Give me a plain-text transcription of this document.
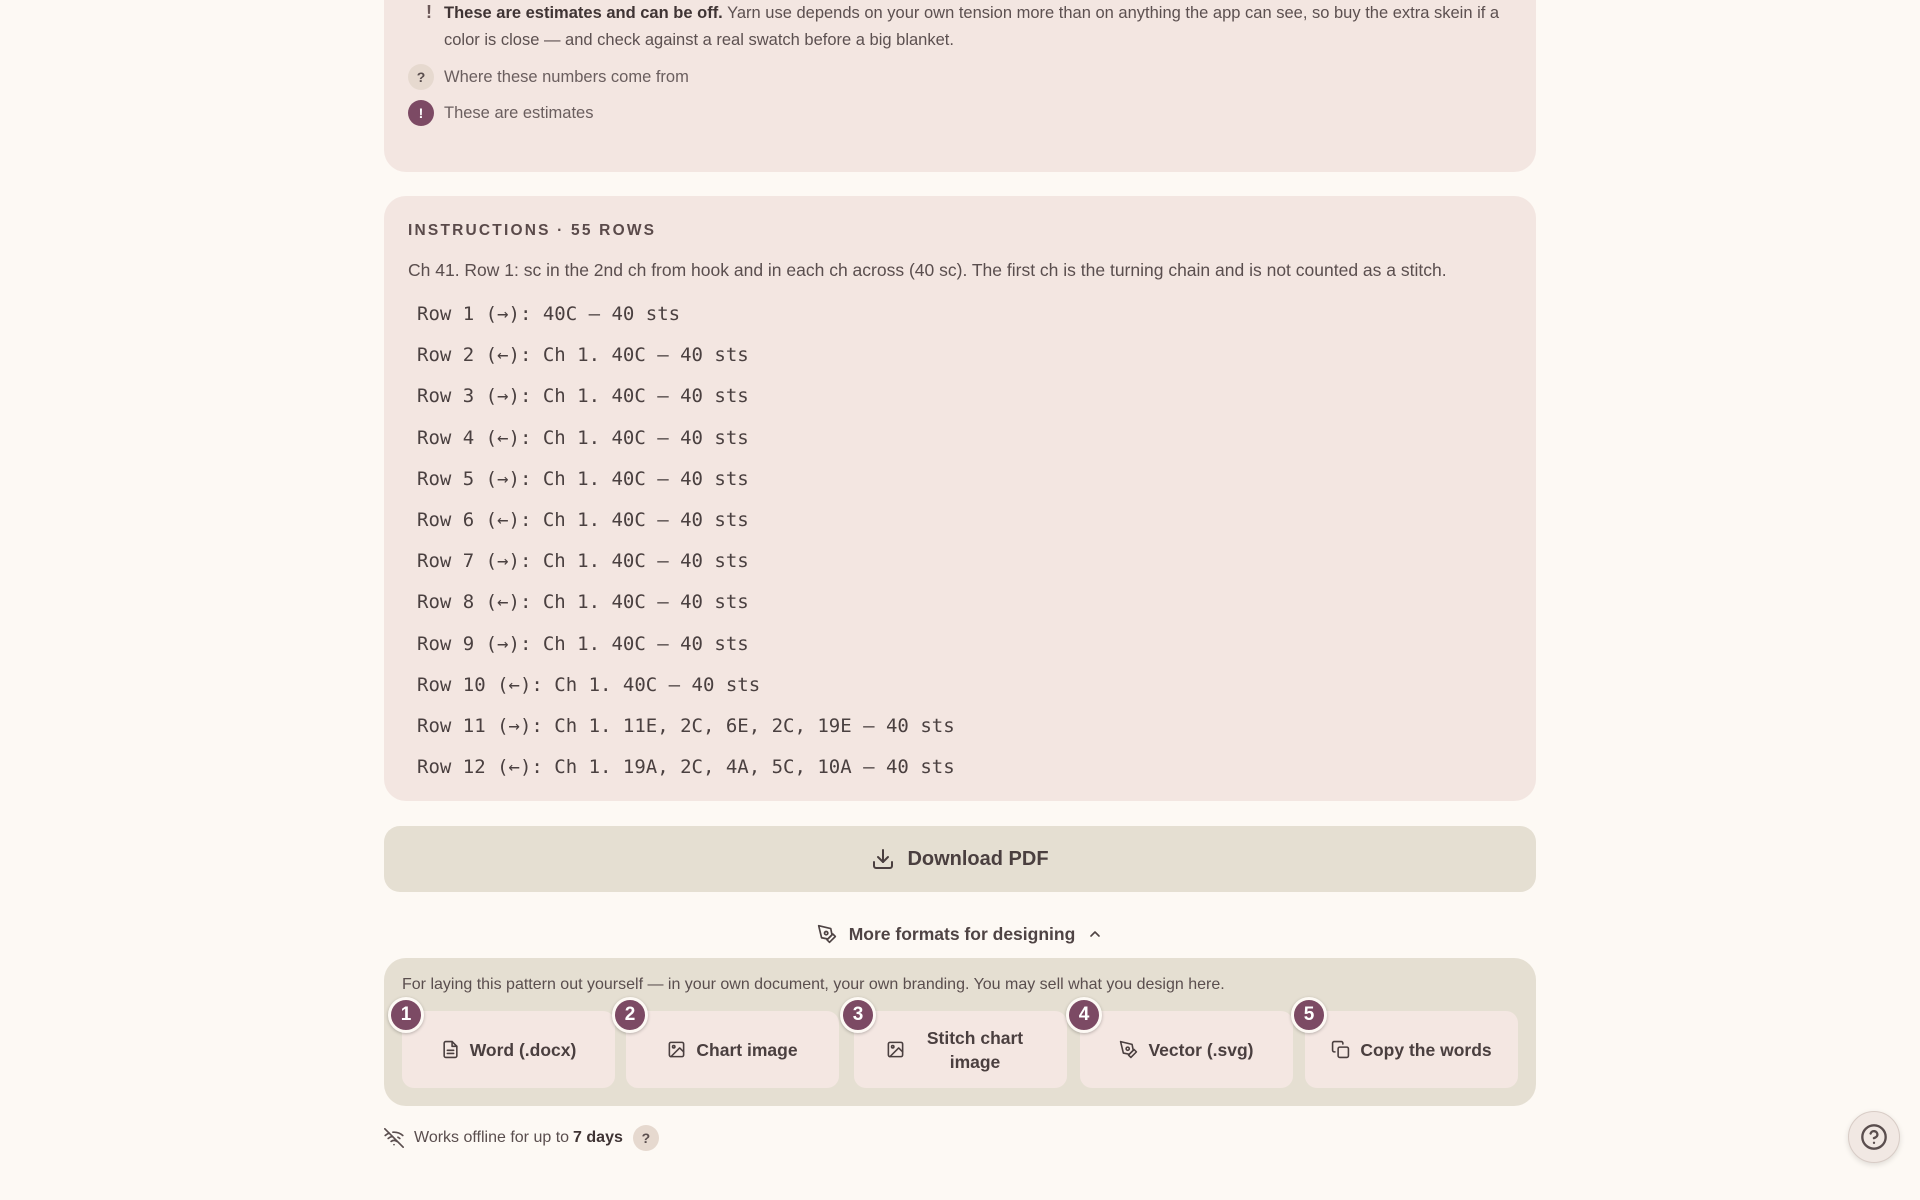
! These are estimates and can be off. Yarn use depends on your own tension more than on anything the app can see, so buy the extra skein if a color is close — and check against a real swatch before a big blanket.
?	Where these numbers come from
!	These are estimates
INSTRUCTIONS · 55 ROWS
Ch 41. Row 1: sc in the 2nd ch from hook and in each ch across (40 sc). The first ch is the turning chain and is not counted as a stitch.
Row 1 (→): 40C — 40 sts
Row 2 (←): Ch 1. 40C — 40 sts
Row 3 (→): Ch 1. 40C — 40 sts
Row 4 (←): Ch 1. 40C — 40 sts
Row 5 (→): Ch 1. 40C — 40 sts
Row 6 (←): Ch 1. 40C — 40 sts
Row 7 (→): Ch 1. 40C — 40 sts
Row 8 (←): Ch 1. 40C — 40 sts
Row 9 (→): Ch 1. 40C — 40 sts
Row 10 (←): Ch 1. 40C — 40 sts
Row 11 (→): Ch 1. 11E, 2C, 6E, 2C, 19E — 40 sts
Row 12 (←): Ch 1. 19A, 2C, 4A, 5C, 10A — 40 sts
Download PDF
More formats for designing
For laying this pattern out yourself — in your own document, your own branding. You may sell what you design here.
1
Word (.docx)
2
Chart image
3
Stitch chart image
4
Vector (.svg)
5
Copy the words
Works offline for up to 7 days	?
